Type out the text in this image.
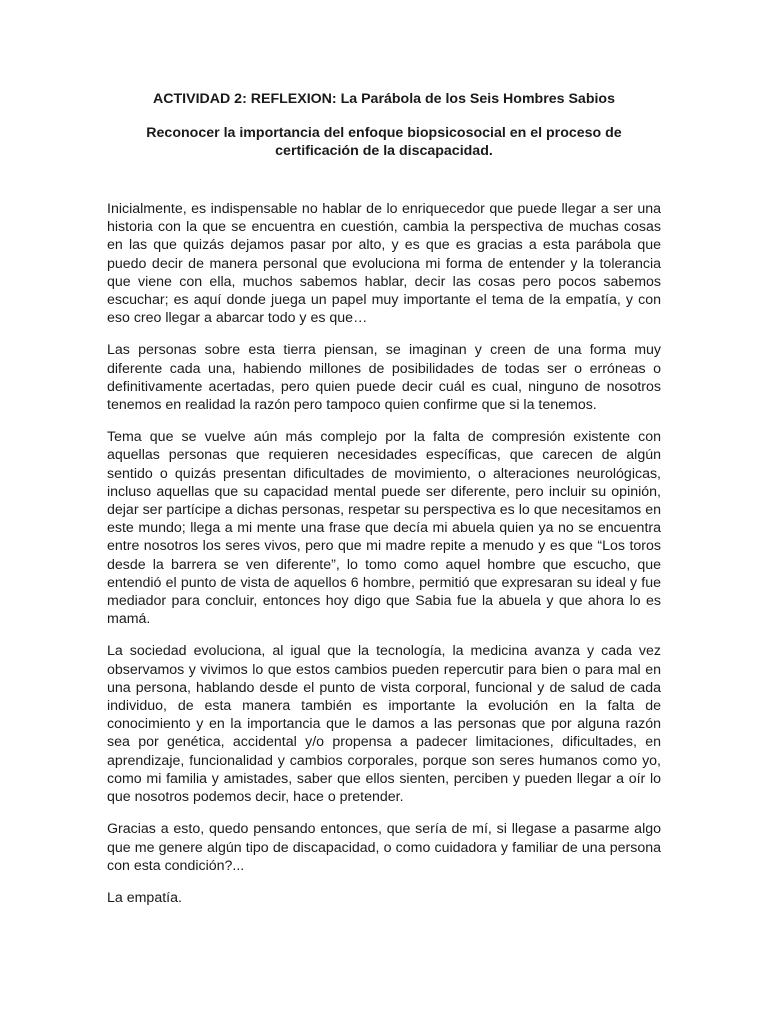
ACTIVIDAD 2: REFLEXION: La Parábola de los Seis Hombres Sabios

Reconocer la importancia del enfoque biopsicosocial en el proceso de certificación de la discapacidad.

Inicialmente, es indispensable no hablar de lo enriquecedor que puede llegar a ser una historia con la que se encuentra en cuestión, cambia la perspectiva de muchas cosas en las que quizás dejamos pasar por alto, y es que es gracias a esta parábola que puedo decir de manera personal que evoluciona mi forma de entender y la tolerancia que viene con ella, muchos sabemos hablar, decir las cosas pero pocos sabemos escuchar; es aquí donde juega un papel muy importante el tema de la empatía, y con eso creo llegar a abarcar todo y es que…

Las personas sobre esta tierra piensan, se imaginan y creen de una forma muy diferente cada una, habiendo millones de posibilidades de todas ser o erróneas o definitivamente acertadas, pero quien puede decir cuál es cual, ninguno de nosotros tenemos en realidad la razón pero tampoco quien confirme que si la tenemos.

Tema que se vuelve aún más complejo por la falta de compresión existente con aquellas personas que requieren necesidades específicas, que carecen de algún sentido o quizás presentan dificultades de movimiento, o alteraciones neurológicas, incluso aquellas que su capacidad mental puede ser diferente, pero incluir su opinión, dejar ser partícipe a dichas personas, respetar su perspectiva es lo que necesitamos en este mundo; llega a mi mente una frase que decía mi abuela quien ya no se encuentra entre nosotros los seres vivos, pero que mi madre repite a menudo y es que “Los toros desde la barrera se ven diferente”, lo tomo como aquel hombre que escucho, que entendió el punto de vista de aquellos 6 hombre, permitió que expresaran su ideal y fue mediador para concluir, entonces hoy digo que Sabia fue la abuela y que ahora lo es mamá.

La sociedad evoluciona, al igual que la tecnología, la medicina avanza y cada vez observamos y vivimos lo que estos cambios pueden repercutir para bien o para mal en una persona, hablando desde el punto de vista corporal, funcional y de salud de cada individuo, de esta manera también es importante la evolución en la falta de conocimiento y en la importancia que le damos a las personas que por alguna razón sea por genética, accidental y/o propensa a padecer limitaciones, dificultades, en aprendizaje, funcionalidad y cambios corporales, porque son seres humanos como yo, como mi familia y amistades, saber que ellos sienten, perciben y pueden llegar a oír lo que nosotros podemos decir, hace o pretender.

Gracias a esto, quedo pensando entonces, que sería de mí, si llegase a pasarme algo que me genere algún tipo de discapacidad, o como cuidadora y familiar de una persona con esta condición?...

La empatía.
